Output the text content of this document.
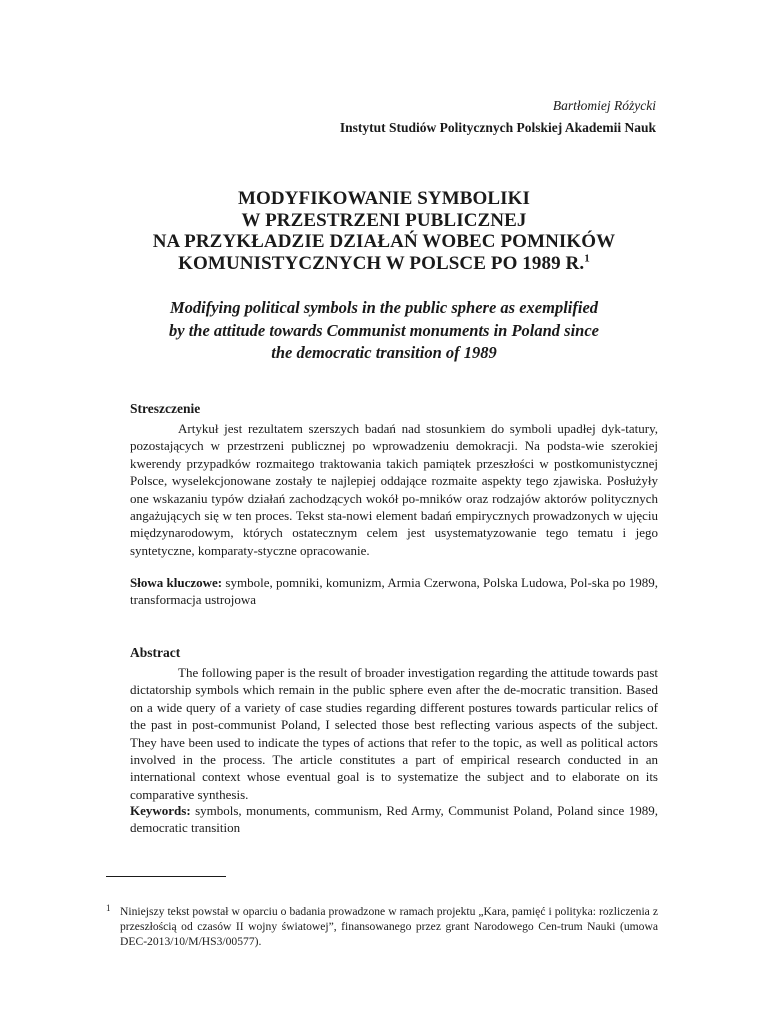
Bartłomiej Różycki
Instytut Studiów Politycznych Polskiej Akademii Nauk
MODYFIKOWANIE SYMBOLIKI
W PRZESTRZENI PUBLICZNEJ
NA PRZYKŁADZIE DZIAŁAŃ WOBEC POMNIKÓW
KOMUNISTYCZNYCH W POLSCE PO 1989 R.$^1$
Modifying political symbols in the public sphere as exemplified
by the attitude towards Communist monuments in Poland since
the democratic transition of 1989
Streszczenie
Artykuł jest rezultatem szerszych badań nad stosunkiem do symboli upadłej dyk-tatury, pozostających w przestrzeni publicznej po wprowadzeniu demokracji. Na podsta-wie szerokiej kwerendy przypadków rozmaitego traktowania takich pamiątek przeszłości w postkomunistycznej Polsce, wyselekcjonowane zostały te najlepiej oddające rozmaite aspekty tego zjawiska. Posłużyły one wskazaniu typów działań zachodzących wokół po-mników oraz rodzajów aktorów politycznych angażujących się w ten proces. Tekst sta-nowi element badań empirycznych prowadzonych w ujęciu międzynarodowym, których ostatecznym celem jest usystematyzowanie tego tematu i jego syntetyczne, komparaty-styczne opracowanie.
Słowa kluczowe: symbole, pomniki, komunizm, Armia Czerwona, Polska Ludowa, Pol-ska po 1989, transformacja ustrojowa
Abstract
The following paper is the result of broader investigation regarding the attitude towards past dictatorship symbols which remain in the public sphere even after the de-mocratic transition. Based on a wide query of a variety of case studies regarding different postures towards particular relics of the past in post-communist Poland, I selected those best reflecting various aspects of the subject. They have been used to indicate the types of actions that refer to the topic, as well as political actors involved in the process. The article constitutes a part of empirical research conducted in an international context whose eventual goal is to systematize the subject and to elaborate on its comparative synthesis.
Keywords: symbols, monuments, communism, Red Army, Communist Poland, Poland since 1989, democratic transition
1 Niniejszy tekst powstał w oparciu o badania prowadzone w ramach projektu „Kara, pamięć i polityka: rozliczenia z przeszłością od czasów II wojny światowej”, finansowanego przez grant Narodowego Cen-trum Nauki (umowa DEC-2013/10/M/HS3/00577).
